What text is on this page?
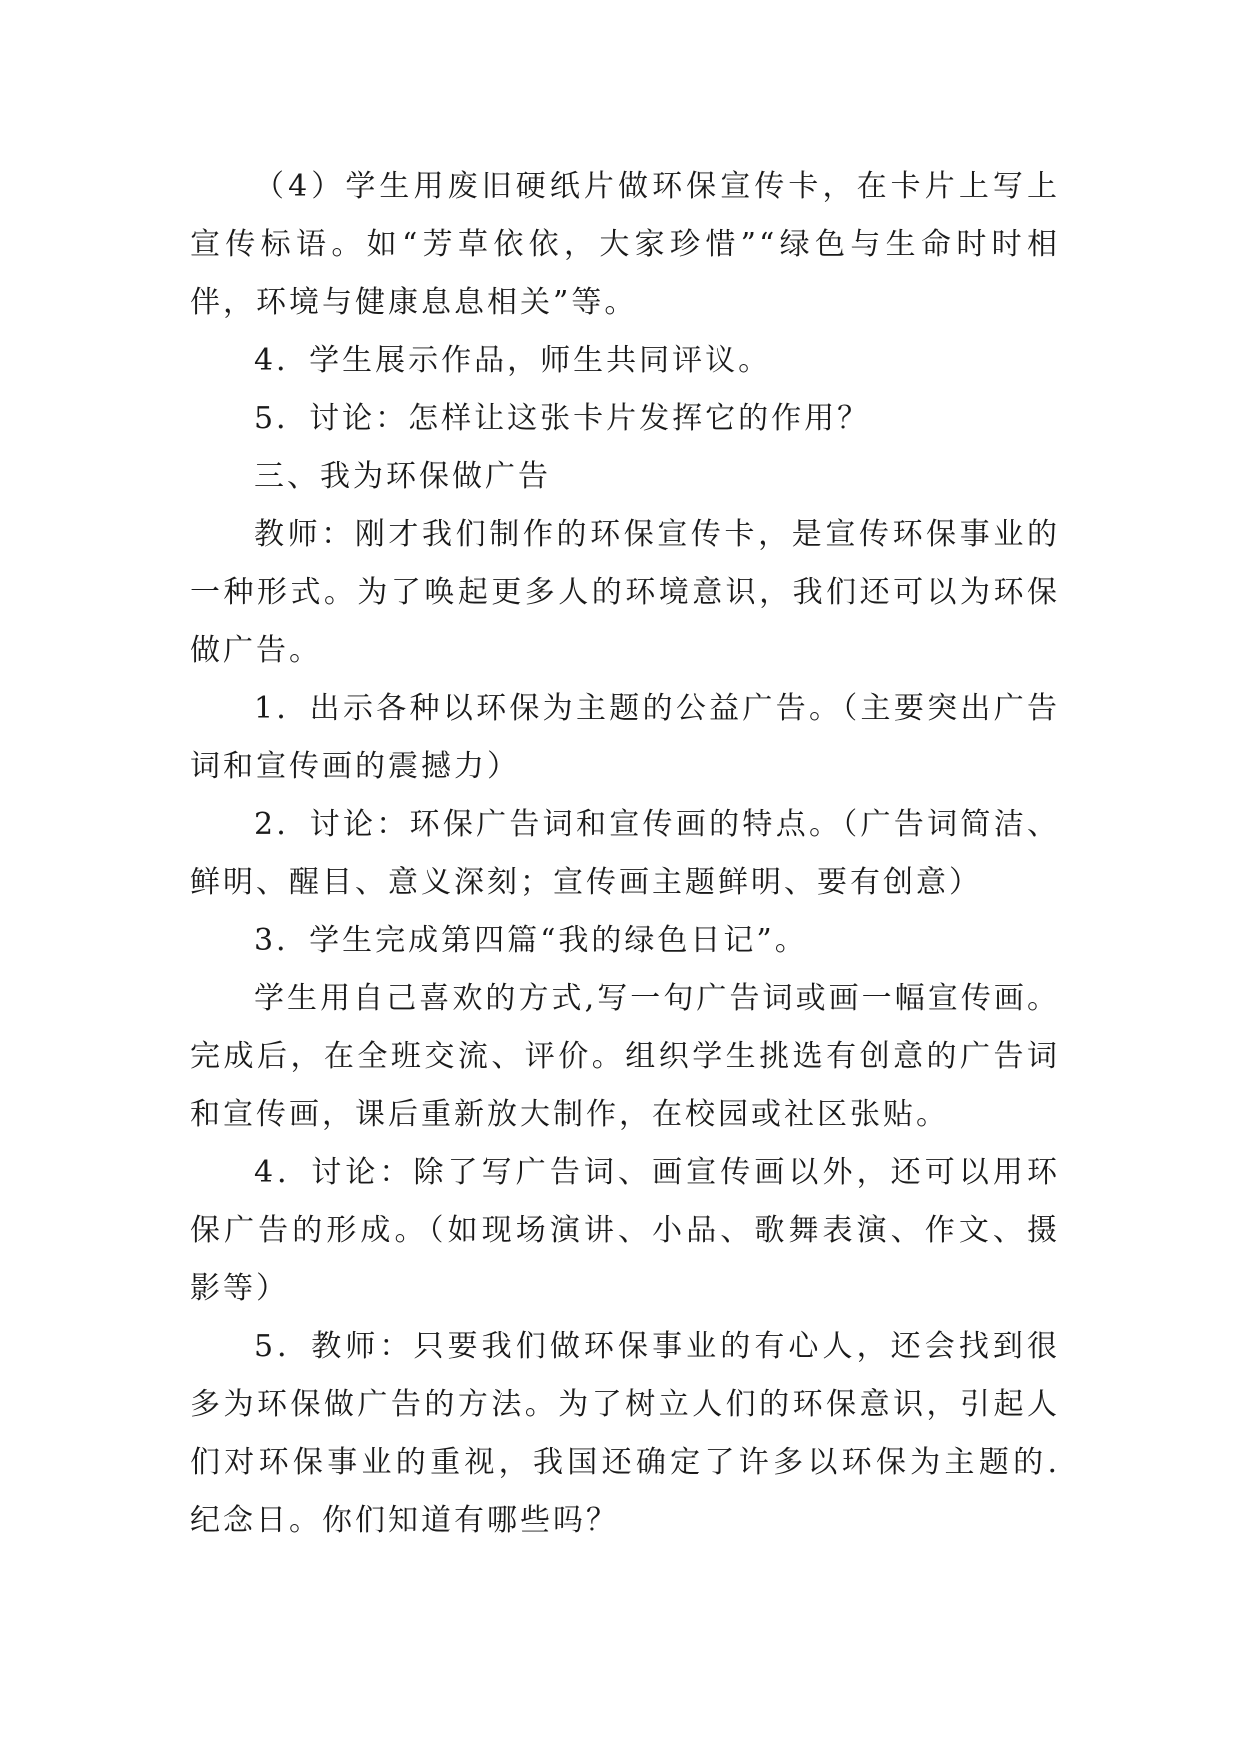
（4）学生用废旧硬纸片做环保宣传卡，在卡片上写上宣传标语。如“芳草依依，大家珍惜”“绿色与生命时时相伴，环境与健康息息相关”等。

4．学生展示作品，师生共同评议。

5．讨论：怎样让这张卡片发挥它的作用？

三、我为环保做广告

教师：刚才我们制作的环保宣传卡，是宣传环保事业的一种形式。为了唤起更多人的环境意识，我们还可以为环保做广告。

1．出示各种以环保为主题的公益广告。（主要突出广告词和宣传画的震撼力）

2．讨论：环保广告词和宣传画的特点。（广告词简洁、鲜明、醒目、意义深刻；宣传画主题鲜明、要有创意）

3．学生完成第四篇“我的绿色日记”。

学生用自己喜欢的方式,写一句广告词或画一幅宣传画。完成后，在全班交流、评价。组织学生挑选有创意的广告词和宣传画，课后重新放大制作，在校园或社区张贴。

4．讨论：除了写广告词、画宣传画以外，还可以用环保广告的形成。（如现场演讲、小品、歌舞表演、作文、摄影等）

5．教师：只要我们做环保事业的有心人，还会找到很多为环保做广告的方法。为了树立人们的环保意识，引起人们对环保事业的重视，我国还确定了许多以环保为主题的.纪念日。你们知道有哪些吗？
